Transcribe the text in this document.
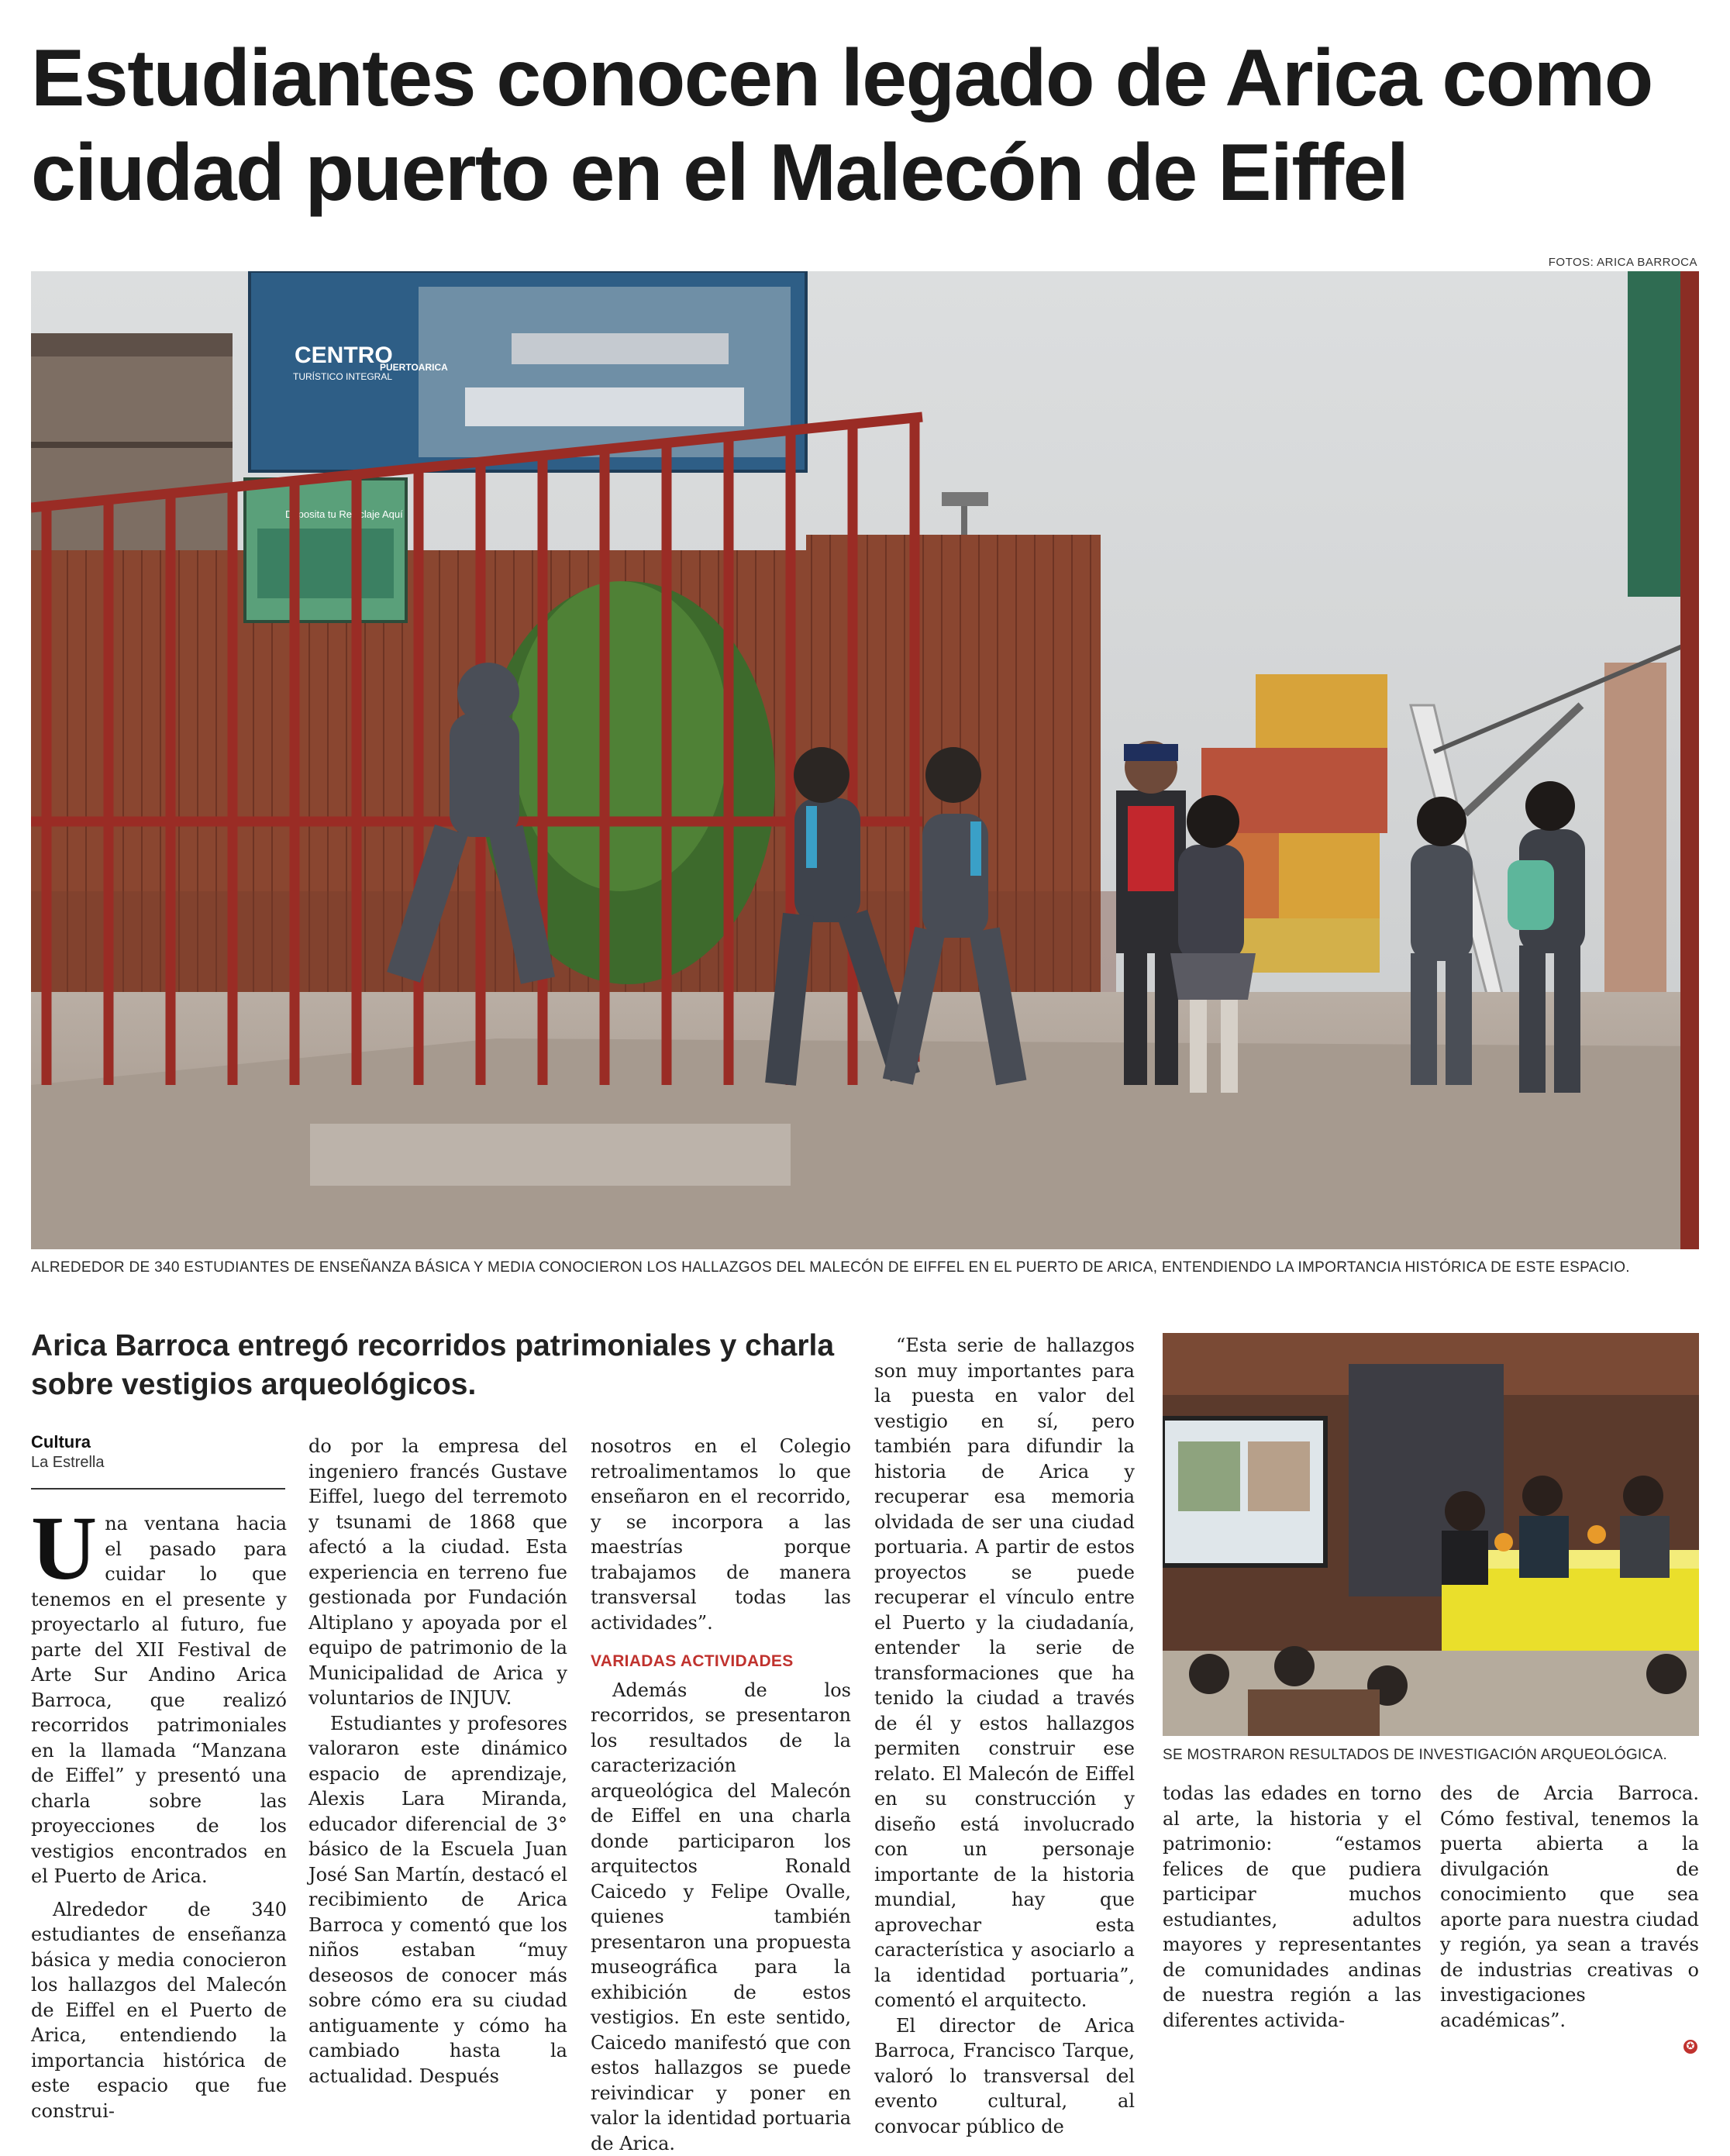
Estudiantes conocen legado de Arica como ciudad puerto en el Malecón de Eiffel
FOTOS: ARICA BARROCA
CENTRO
TURÍSTICO INTEGRAL
PUERTOARICA
Deposita tu Reciclaje Aquí
ALREDEDOR DE 340 ESTUDIANTES DE ENSEÑANZA BÁSICA Y MEDIA CONOCIERON LOS HALLAZGOS DEL MALECÓN DE EIFFEL EN EL PUERTO DE ARICA, ENTENDIENDO LA IMPORTANCIA HISTÓRICA DE ESTE ESPACIO.
Arica Barroca entregó recorridos patrimoniales y charla sobre vestigios arqueológicos.
Cultura
La Estrella

Una ventana hacia el pasado para cuidar lo que tenemos en el presente y proyectarlo al futuro, fue parte del XII Festival de Arte Sur Andino Arica Barroca, que realizó recorridos patrimoniales en la llamada “Manzana de Eiffel” y presentó una charla sobre las proyecciones de los vestigios encontrados en el Puerto de Arica.

Alrededor de 340 estudiantes de enseñanza básica y media conocieron los hallazgos del Malecón de Eiffel en el Puerto de Arica, entendiendo la importancia histórica de este espacio que fue construi-

do por la empresa del ingeniero francés Gustave Eiffel, luego del terremoto y tsunami de 1868 que afectó a la ciudad. Esta experiencia en terreno fue gestionada por Fundación Altiplano y apoyada por el equipo de patrimonio de la Municipalidad de Arica y voluntarios de INJUV.

Estudiantes y profesores valoraron este dinámico espacio de aprendizaje, Alexis Lara Miranda, educador diferencial de 3° básico de la Escuela Juan José San Martín, destacó el recibimiento de Arica Barroca y comentó que los niños estaban “muy deseosos de conocer más sobre cómo era su ciudad antiguamente y cómo ha cambiado hasta la actualidad. Después

nosotros en el Colegio retroalimentamos lo que enseñaron en el recorrido, y se incorpora a las maestrías porque trabajamos de manera transversal todas las actividades”.

VARIADAS ACTIVIDADES

Además de los recorridos, se presentaron los resultados de la caracterización arqueológica del Malecón de Eiffel en una charla donde participaron los arquitectos Ronald Caicedo y Felipe Ovalle, quienes también presentaron una propuesta museográfica para la exhibición de estos vestigios. En este sentido, Caicedo manifestó que con estos hallazgos se puede reivindicar y poner en valor la identidad portuaria de Arica.

“Esta serie de hallazgos son muy importantes para la puesta en valor del vestigio en sí, pero también para difundir la historia de Arica y recuperar esa memoria olvidada de ser una ciudad portuaria. A partir de estos proyectos se puede recuperar el vínculo entre el Puerto y la ciudadanía, entender la serie de transformaciones que ha tenido la ciudad a través de él y estos hallazgos permiten construir ese relato. El Malecón de Eiffel en su construcción y diseño está involucrado con un personaje importante de la historia mundial, hay que aprovechar esta característica y asociarlo a la identidad portuaria”, comentó el arquitecto.

El director de Arica Barroca, Francisco Tarque, valoró lo transversal del evento cultural, al convocar público de

SE MOSTRARON RESULTADOS DE INVESTIGACIÓN ARQUEOLÓGICA.

todas las edades en torno al arte, la historia y el patrimonio: “estamos felices de que pudiera participar muchos estudiantes, adultos mayores y representantes de comunidades andinas de nuestra región a las diferentes activida-

des de Arcia Barroca. Cómo festival, tenemos la puerta abierta a la divulgación de conocimiento que sea aporte para nuestra ciudad y región, ya sean a través de industrias creativas o investigaciones académicas”.

✪
